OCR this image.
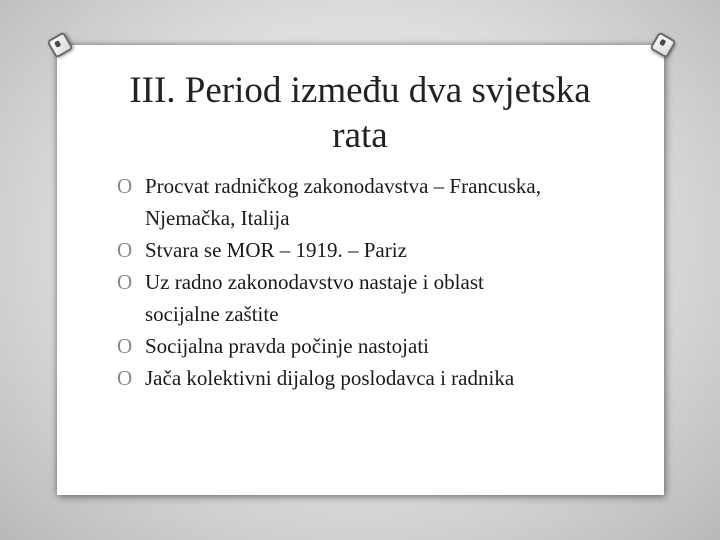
III. Period između dva svjetska
rata
O Procvat radničkog zakonodavstva – Francuska,
Njemačka, Italija
O Stvara se MOR – 1919. – Pariz
O Uz radno zakonodavstvo nastaje i oblast
socijalne zaštite
O Socijalna pravda počinje nastojati
O Jača kolektivni dijalog poslodavca i radnika
